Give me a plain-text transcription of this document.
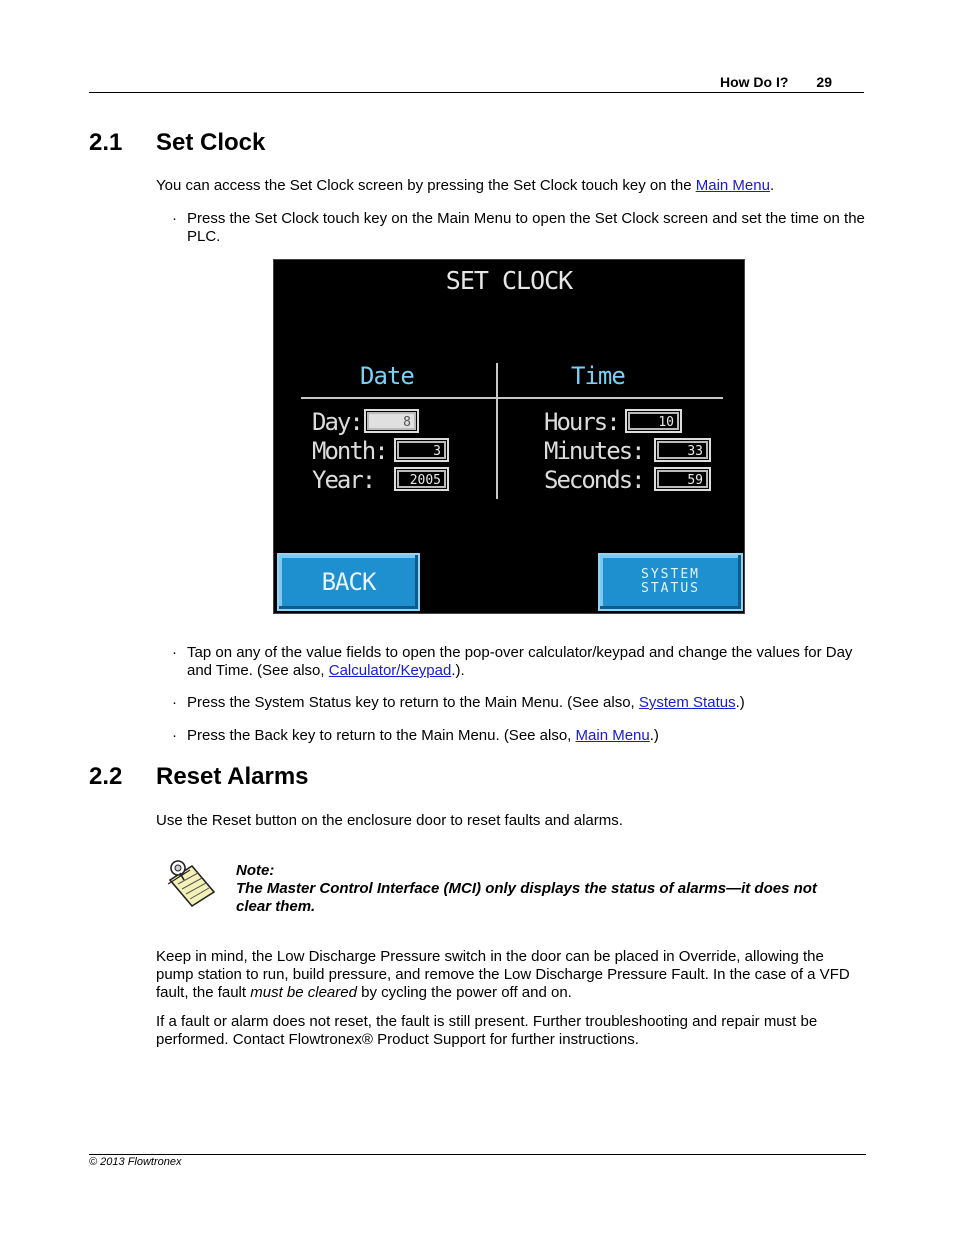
How Do I? 29
2.1 Set Clock

You can access the Set Clock screen by pressing the Set Clock touch key on the Main Menu.

· Press the Set Clock touch key on the Main Menu to open the Set Clock screen and set the time on the PLC.
SET CLOCK
Date	Time
Day:
Month:
Year:
8
3
2005
Hours:
Minutes:
Seconds:
10
33
59
BACK	SYSTEM
STATUS
· Tap on any of the value fields to open the pop-over calculator/keypad and change the values for Day and Time. (See also, Calculator/Keypad.).
· Press the System Status key to return to the Main Menu. (See also, System Status.)
· Press the Back key to return to the Main Menu. (See also, Main Menu.)
2.2 Reset Alarms

Use the Reset button on the enclosure door to reset faults and alarms.

Note:
The Master Control Interface (MCI) only displays the status of alarms—it does not clear them.

Keep in mind, the Low Discharge Pressure switch in the door can be placed in Override, allowing the pump station to run, build pressure, and remove the Low Discharge Pressure Fault. In the case of a VFD fault, the fault must be cleared by cycling the power off and on.

If a fault or alarm does not reset, the fault is still present. Further troubleshooting and repair must be performed. Contact Flowtronex® Product Support for further instructions.

© 2013 Flowtronex
